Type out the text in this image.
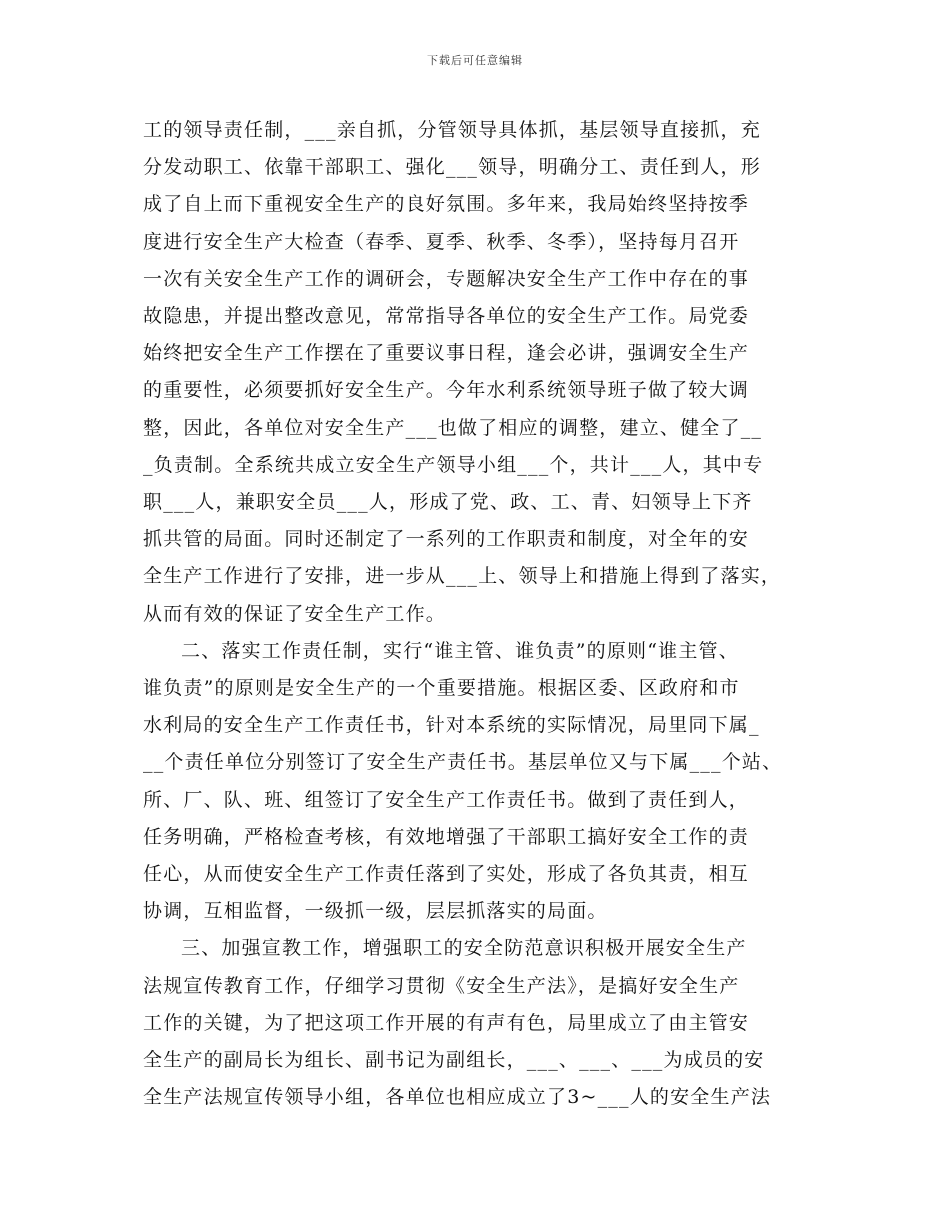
下载后可任意编辑
工的领导责任制，___亲自抓，分管领导具体抓，基层领导直接抓，充
分发动职工、依靠干部职工、强化___领导，明确分工、责任到人，形
成了自上而下重视安全生产的良好氛围。多年来，我局始终坚持按季
度进行安全生产大检查（春季、夏季、秋季、冬季），坚持每月召开
一次有关安全生产工作的调研会，专题解决安全生产工作中存在的事
故隐患，并提出整改意见，常常指导各单位的安全生产工作。局党委
始终把安全生产工作摆在了重要议事日程，逢会必讲，强调安全生产
的重要性，必须要抓好安全生产。今年水利系统领导班子做了较大调
整，因此，各单位对安全生产___也做了相应的调整，建立、健全了__
_负责制。全系统共成立安全生产领导小组___个，共计___人，其中专
职___人，兼职安全员___人，形成了党、政、工、青、妇领导上下齐
抓共管的局面。同时还制定了一系列的工作职责和制度，对全年的安
全生产工作进行了安排，进一步从___上、领导上和措施上得到了落实，
从而有效的保证了安全生产工作。
二、落实工作责任制，实行“谁主管、谁负责”的原则“谁主管、
谁负责”的原则是安全生产的一个重要措施。根据区委、区政府和市
水利局的安全生产工作责任书，针对本系统的实际情况，局里同下属_
__个责任单位分别签订了安全生产责任书。基层单位又与下属___个站、
所、厂、队、班、组签订了安全生产工作责任书。做到了责任到人，
任务明确，严格检查考核，有效地增强了干部职工搞好安全工作的责
任心，从而使安全生产工作责任落到了实处，形成了各负其责，相互
协调，互相监督，一级抓一级，层层抓落实的局面。
三、加强宣教工作，增强职工的安全防范意识积极开展安全生产
法规宣传教育工作，仔细学习贯彻《安全生产法》，是搞好安全生产
工作的关键，为了把这项工作开展的有声有色，局里成立了由主管安
全生产的副局长为组长、副书记为副组长，___、___、___为成员的安
全生产法规宣传领导小组，各单位也相应成立了3~___人的安全生产法
